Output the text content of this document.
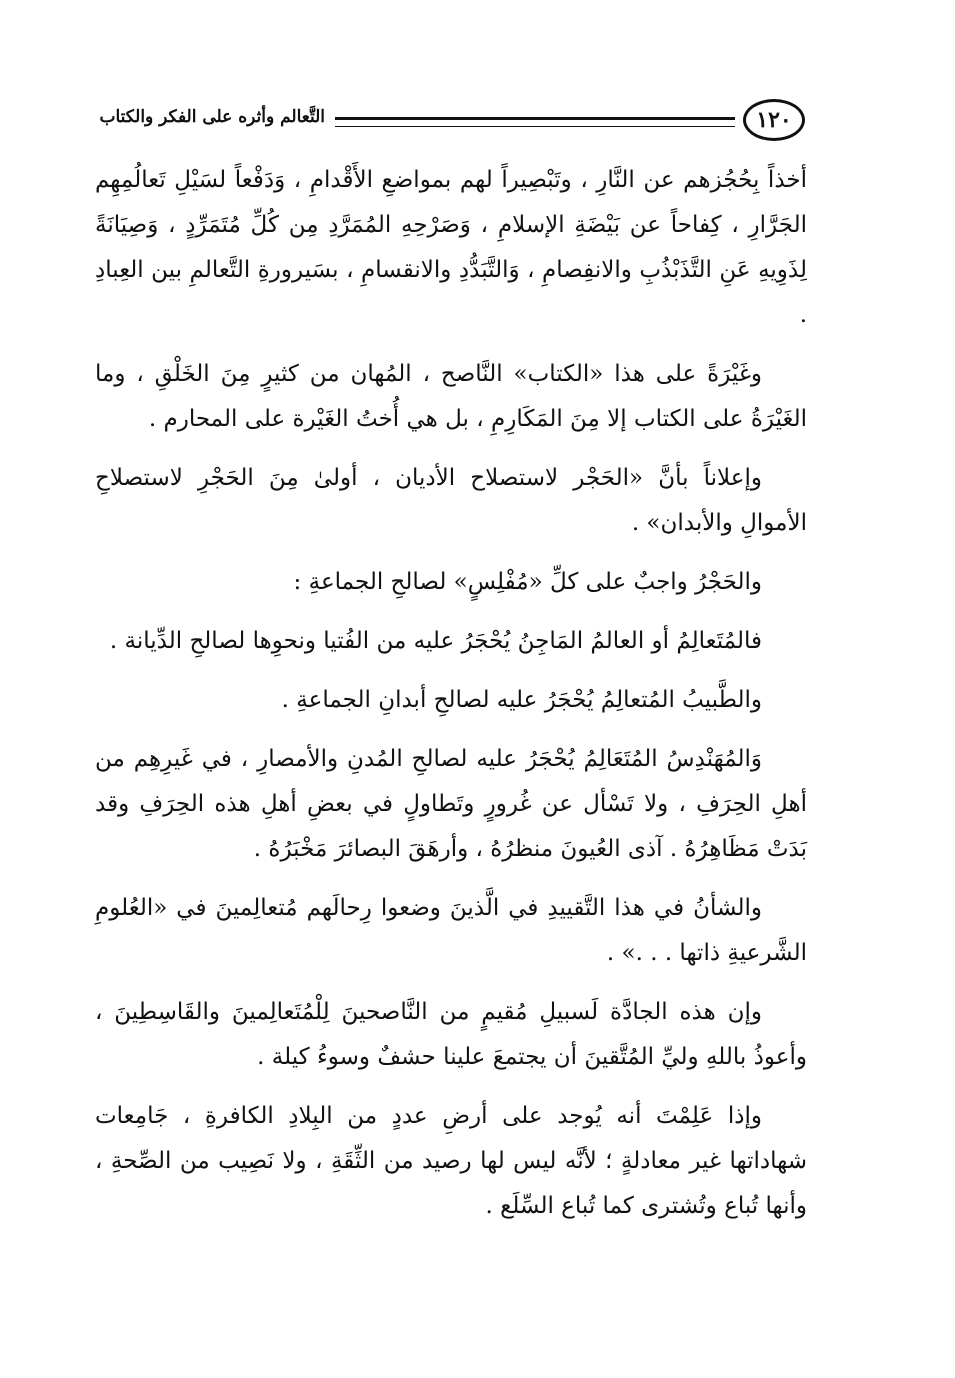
١٢٠
التَّعالم وأثره على الفكر والكتاب

أخذاً بِحُجُزهم عن النَّارِ ، وتَبْصِيراً لهم بمواضعِ الأَقْدامِ ، وَدَفْعاً لسَيْلِ تَعالُمِهِم الجَرَّارِ ، كِفاحاً عن بَيْضَةِ الإسلامِ ، وَصَرْحِهِ المُمَرَّدِ مِن كُلِّ مُتَمَرِّدٍ ، وَصِيَانَةً لِذَوِيهِ عَنِ التَّذَبْذُبِ والانفِصامِ ، وَالتَّبَدُّدِ والانقسامِ ، بسَيرورةِ التَّعالمِ بين العِبادِ .

وغَيْرَةً على هذا «الكتاب» النَّاصح ، المُهان من كثيرٍ مِنَ الخَلْقِ ، وما الغَيْرَةُ على الكتاب إلا مِنَ المَكَارِمِ ، بل هي أُختُ الغَيْرة على المحارم .

وإعلاناً بأنَّ «الحَجْر لاستصلاح الأديان ، أولىٰ مِنَ الحَجْرِ لاستصلاحِ الأموالِ والأبدان» .

والحَجْرُ واجبٌ على كلِّ «مُفْلِسٍ» لصالحِ الجماعةِ :

فالمُتَعالِمُ أو العالمُ المَاجِنُ يُحْجَرُ عليه من الفُتيا ونحوِها لصالحِ الدِّيانة .

والطَّبيبُ المُتعالِمُ يُحْجَرُ عليه لصالحِ أبدانِ الجماعةِ .

وَالمُهَنْدِسُ المُتَعَالِمُ يُحْجَرُ عليه لصالحِ المُدنِ والأمصارِ ، في غَيرِهِم من أهلِ الحِرَفِ ، ولا تَسْأل عن غُرورٍ وتَطاولٍ في بعضِ أهلِ هذه الحِرَفِ وقد بَدَتْ مَظَاهِرُهُ . آذى العُيونَ منظرُهُ ، وأرهَقَ البصائرَ مَخْبَرُهُ .

والشأنُ في هذا التَّقييدِ في الَّذينَ وضعوا رِحالَهم مُتعالِمينَ في «العُلومِ الشَّرعيةِ ذاتها . . .» .

وإن هذه الجادَّة لَسبيلِ مُقيمٍ من النَّاصحينَ لِلْمُتَعالِمينَ والقَاسِطِينَ ، وأعوذُ باللهِ وليِّ المُتَّقينَ أن يجتمعَ علينا حشفٌ وسوءُ كيلة .

وإذا عَلِمْتَ أنه يُوجد على أرضِ عددٍ من البِلادِ الكافرةِ ، جَامِعات شهاداتها غير معادلةٍ ؛ لأنَّه ليس لها رصيد من الثِّقَةِ ، ولا نَصِيب من الصِّحةِ ، وأنها تُباع وتُشترى كما تُباع السِّلَع .
